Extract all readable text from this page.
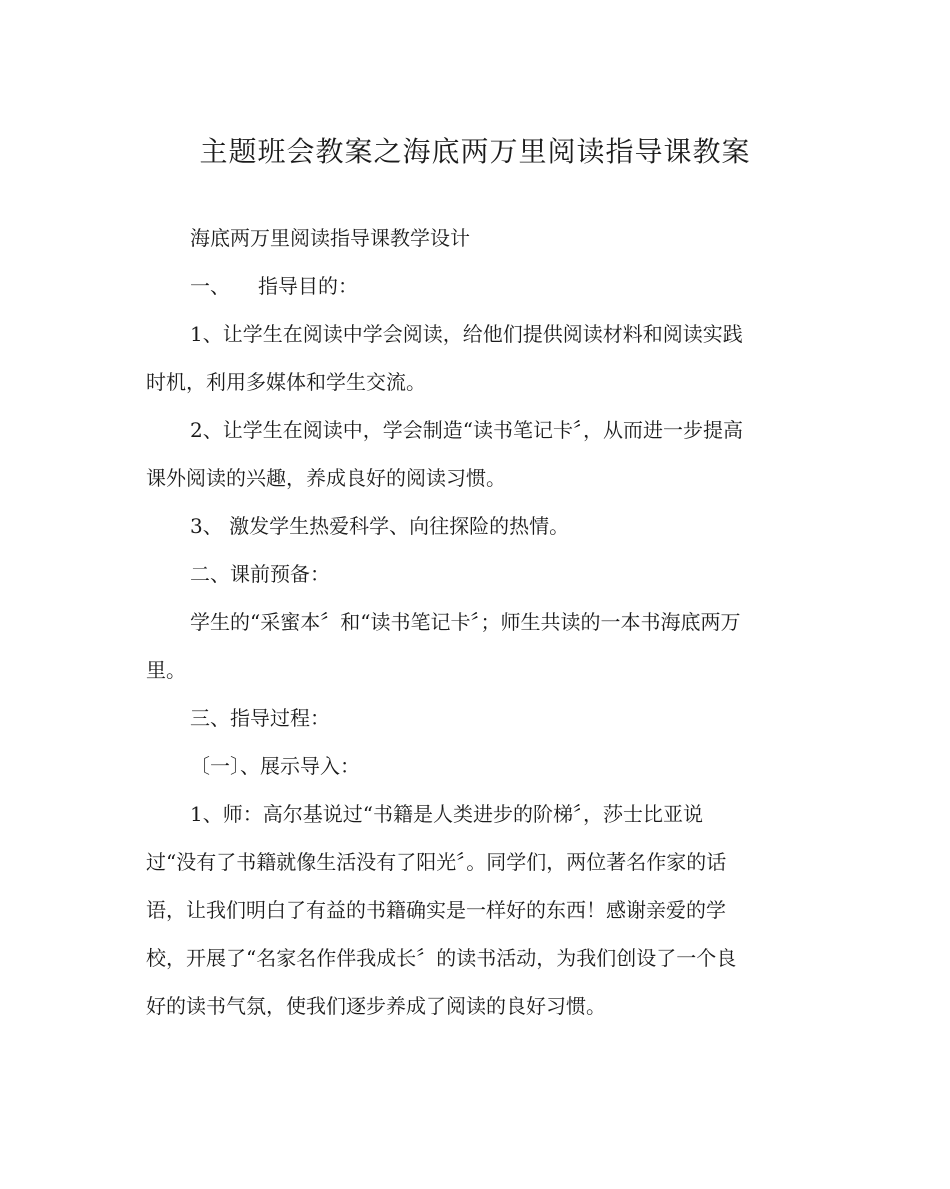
主题班会教案之海底两万里阅读指导课教案

海底两万里阅读指导课教学设计

一、 指导目的：

1、让学生在阅读中学会阅读，给他们提供阅读材料和阅读实践

时机，利用多媒体和学生交流。

2、让学生在阅读中，学会制造“读书笔记卡〞，从而进一步提高

课外阅读的兴趣，养成良好的阅读习惯。

3、 激发学生热爱科学、向往探险的热情。

二、课前预备：

学生的“采蜜本〞和“读书笔记卡〞；师生共读的一本书海底两万

里。

三、指导过程：

〔一〕、展示导入：

1、师：高尔基说过“书籍是人类进步的阶梯〞，莎士比亚说

过“没有了书籍就像生活没有了阳光〞。同学们，两位著名作家的话

语，让我们明白了有益的书籍确实是一样好的东西！感谢亲爱的学

校，开展了“名家名作伴我成长〞的读书活动，为我们创设了一个良

好的读书气氛，使我们逐步养成了阅读的良好习惯。
